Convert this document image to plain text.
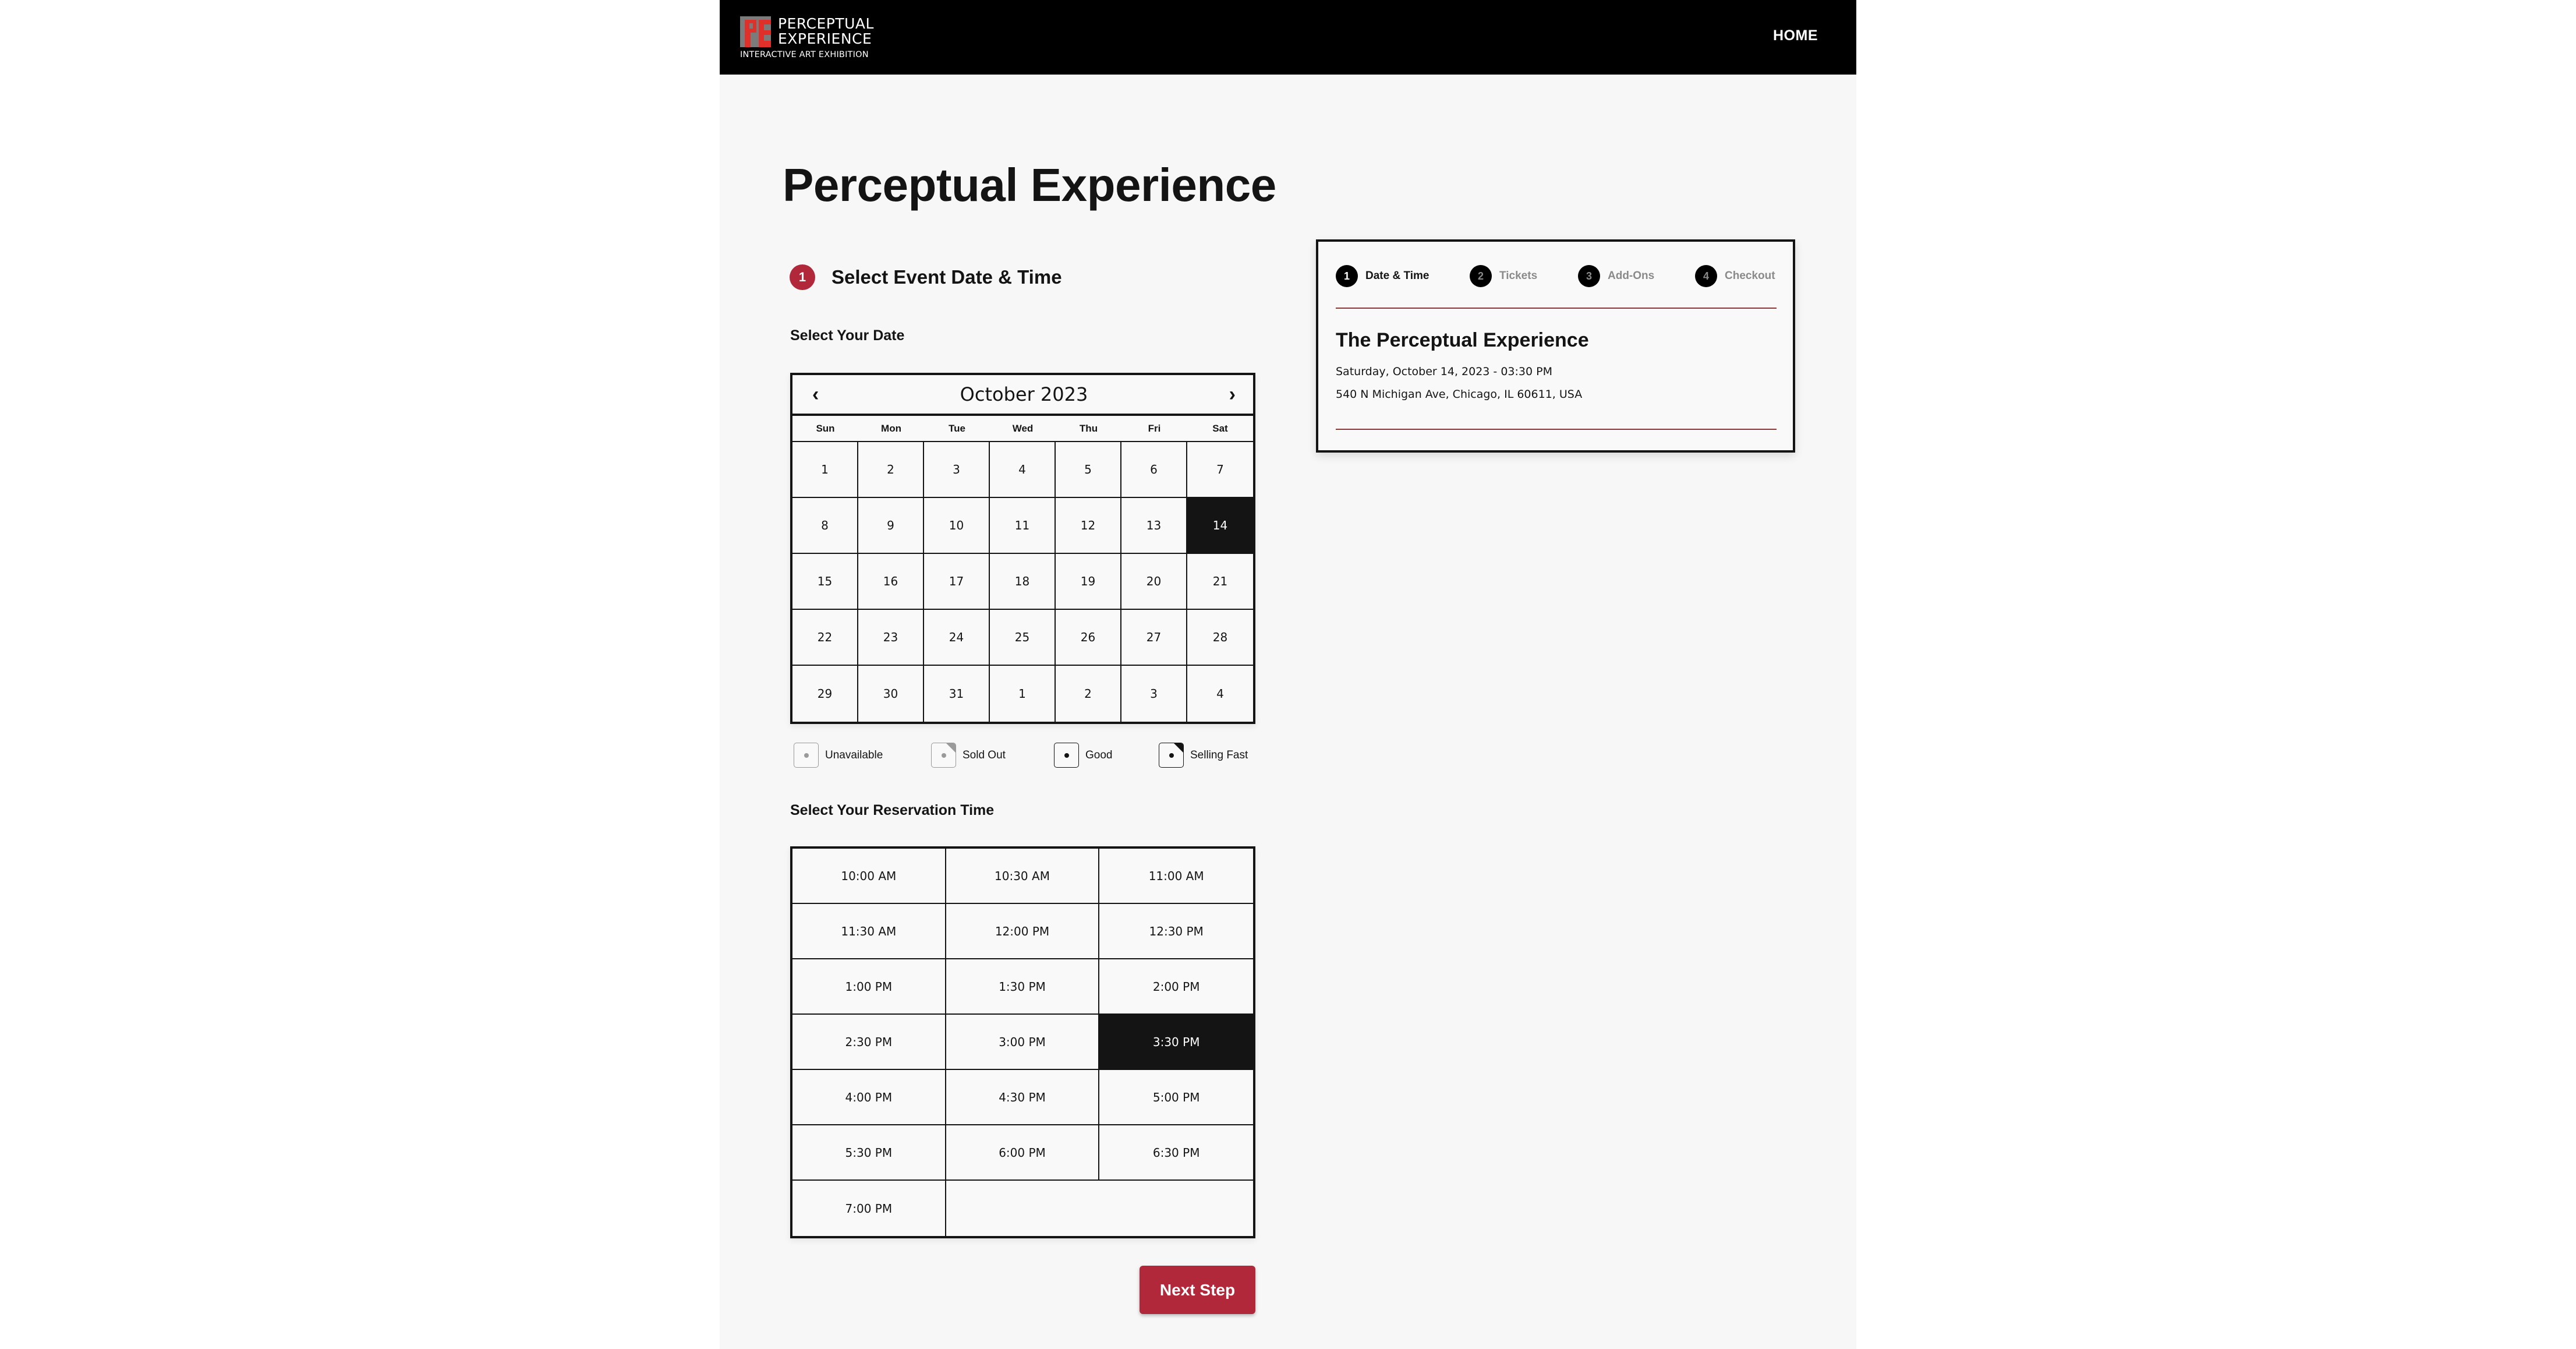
PERCEPTUAL
EXPERIENCE
INTERACTIVE ART EXHIBITION
HOME
Perceptual Experience
1	Select Event Date & Time
Select Your Date
‹	October 2023	›
Sun	Mon	Tue	Wed	Thu	Fri	Sat
1	2	3	4	5	6	7
8	9	10	11	12	13	14
15	16	17	18	19	20	21
22	23	24	25	26	27	28
29	30	31	1	2	3	4
Unavailable	Sold Out	Good	Selling Fast
Select Your Reservation Time
10:00 AM	10:30 AM	11:00 AM
11:30 AM	12:00 PM	12:30 PM
1:00 PM	1:30 PM	2:00 PM
2:30 PM	3:00 PM	3:30 PM
4:00 PM	4:30 PM	5:00 PM
5:30 PM	6:00 PM	6:30 PM
7:00 PM
Next Step
1	Date & Time	2	Tickets	3	Add-Ons	4	Checkout
The Perceptual Experience
Saturday, October 14, 2023 - 03:30 PM
540 N Michigan Ave, Chicago, IL 60611, USA
